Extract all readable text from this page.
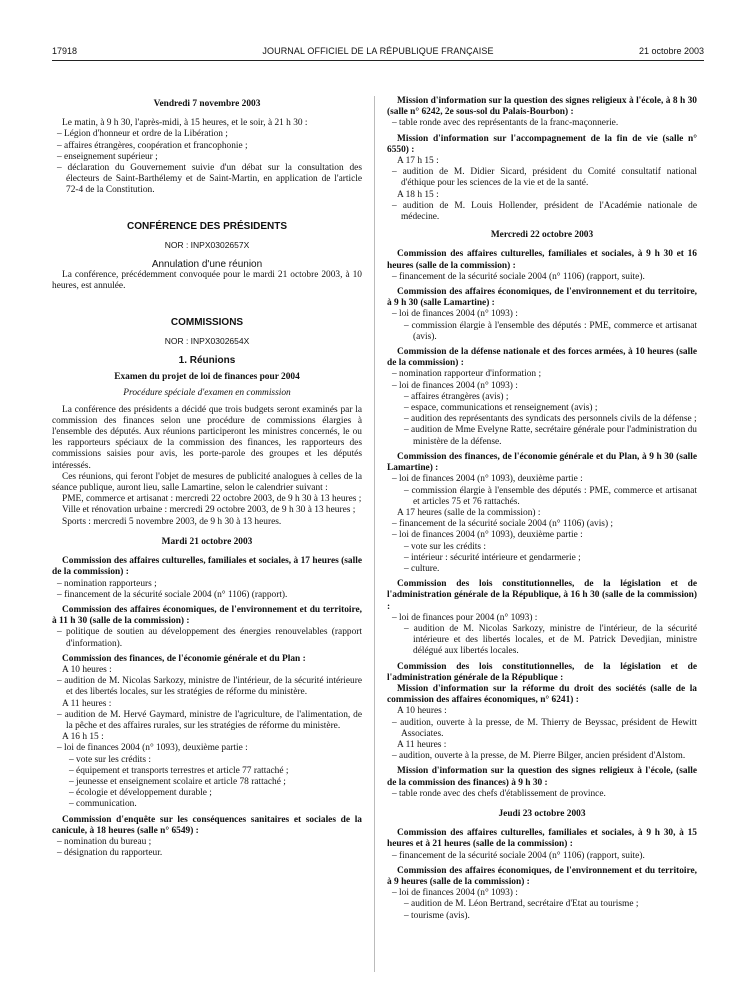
17918	JOURNAL OFFICIEL DE LA RÉPUBLIQUE FRANÇAISE	21 octobre 2003

Vendredi 7 novembre 2003

Le matin, à 9 h 30, l'après-midi, à 15 heures, et le soir, à 21 h 30 :

– Légion d'honneur et ordre de la Libération ;
– affaires étrangères, coopération et francophonie ;
– enseignement supérieur ;
– déclaration du Gouvernement suivie d'un débat sur la consultation des électeurs de Saint-Barthélemy et de Saint-Martin, en application de l'article 72-4 de la Constitution.

CONFÉRENCE DES PRÉSIDENTS

NOR : INPX0302657X

Annulation d'une réunion

La conférence, précédemment convoquée pour le mardi 21 octobre 2003, à 10 heures, est annulée.

COMMISSIONS

NOR : INPX0302654X

1. Réunions

Examen du projet de loi de finances pour 2004

Procédure spéciale d'examen en commission

La conférence des présidents a décidé que trois budgets seront examinés par la commission des finances selon une procédure de commissions élargies à l'ensemble des députés. Aux réunions participeront les ministres concernés, le ou les rapporteurs spéciaux de la commission des finances, les rapporteurs des commissions saisies pour avis, les porte-parole des groupes et les députés intéressés.

Ces réunions, qui feront l'objet de mesures de publicité analogues à celles de la séance publique, auront lieu, salle Lamartine, selon le calendrier suivant :

PME, commerce et artisanat : mercredi 22 octobre 2003, de 9 h 30 à 13 heures ;

Ville et rénovation urbaine : mercredi 29 octobre 2003, de 9 h 30 à 13 heures ;

Sports : mercredi 5 novembre 2003, de 9 h 30 à 13 heures.

Mardi 21 octobre 2003

Commission des affaires culturelles, familiales et sociales, à 17 heures (salle de la commission) :

– nomination rapporteurs ;
– financement de la sécurité sociale 2004 (n° 1106) (rapport).

Commission des affaires économiques, de l'environnement et du territoire, à 11 h 30 (salle de la commission) :

– politique de soutien au développement des énergies renouvelables (rapport d'information).

Commission des finances, de l'économie générale et du Plan :

A 10 heures :

– audition de M. Nicolas Sarkozy, ministre de l'intérieur, de la sécurité intérieure et des libertés locales, sur les stratégies de réforme du ministère.

A 11 heures :

– audition de M. Hervé Gaymard, ministre de l'agriculture, de l'alimentation, de la pêche et des affaires rurales, sur les stratégies de réforme du ministère.

A 16 h 15 :

– loi de finances 2004 (n° 1093), deuxième partie :
– vote sur les crédits :
– équipement et transports terrestres et article 77 rattaché ;
– jeunesse et enseignement scolaire et article 78 rattaché ;
– écologie et développement durable ;
– communication.

Commission d'enquête sur les conséquences sanitaires et sociales de la canicule, à 18 heures (salle n° 6549) :

– nomination du bureau ;
– désignation du rapporteur.

Mission d'information sur la question des signes religieux à l'école, à 8 h 30 (salle n° 6242, 2e sous-sol du Palais-Bourbon) :

– table ronde avec des représentants de la franc-maçonnerie.

Mission d'information sur l'accompagnement de la fin de vie (salle n° 6550) :

A 17 h 15 :

– audition de M. Didier Sicard, président du Comité consultatif national d'éthique pour les sciences de la vie et de la santé.

A 18 h 15 :

– audition de M. Louis Hollender, président de l'Académie nationale de médecine.

Mercredi 22 octobre 2003

Commission des affaires culturelles, familiales et sociales, à 9 h 30 et 16 heures (salle de la commission) :

– financement de la sécurité sociale 2004 (n° 1106) (rapport, suite).

Commission des affaires économiques, de l'environnement et du territoire, à 9 h 30 (salle Lamartine) :

– loi de finances 2004 (n° 1093) :
– commission élargie à l'ensemble des députés : PME, commerce et artisanat (avis).

Commission de la défense nationale et des forces armées, à 10 heures (salle de la commission) :

– nomination rapporteur d'information ;
– loi de finances 2004 (n° 1093) :
– affaires étrangères (avis) ;
– espace, communications et renseignement (avis) ;
– audition des représentants des syndicats des personnels civils de la défense ;
– audition de Mme Evelyne Ratte, secrétaire générale pour l'administration du ministère de la défense.

Commission des finances, de l'économie générale et du Plan, à 9 h 30 (salle Lamartine) :

– loi de finances 2004 (n° 1093), deuxième partie :
– commission élargie à l'ensemble des députés : PME, commerce et artisanat et articles 75 et 76 rattachés.

A 17 heures (salle de la commission) :

– financement de la sécurité sociale 2004 (n° 1106) (avis) ;
– loi de finances 2004 (n° 1093), deuxième partie :
– vote sur les crédits :
– intérieur : sécurité intérieure et gendarmerie ;
– culture.

Commission des lois constitutionnelles, de la législation et de l'administration générale de la République, à 16 h 30 (salle de la commission) :

– loi de finances pour 2004 (n° 1093) :
– audition de M. Nicolas Sarkozy, ministre de l'intérieur, de la sécurité intérieure et des libertés locales, et de M. Patrick Devedjian, ministre délégué aux libertés locales.

Commission des lois constitutionnelles, de la législation et de l'administration générale de la République :

Mission d'information sur la réforme du droit des sociétés (salle de la commission des affaires économiques, n° 6241) :

A 10 heures :

– audition, ouverte à la presse, de M. Thierry de Beyssac, président de Hewitt Associates.

A 11 heures :

– audition, ouverte à la presse, de M. Pierre Bilger, ancien président d'Alstom.

Mission d'information sur la question des signes religieux à l'école, (salle de la commission des finances) à 9 h 30 :

– table ronde avec des chefs d'établissement de province.

Jeudi 23 octobre 2003

Commission des affaires culturelles, familiales et sociales, à 9 h 30, à 15 heures et à 21 heures (salle de la commission) :

– financement de la sécurité sociale 2004 (n° 1106) (rapport, suite).

Commission des affaires économiques, de l'environnement et du territoire, à 9 heures (salle de la commission) :

– loi de finances 2004 (n° 1093) :
– audition de M. Léon Bertrand, secrétaire d'Etat au tourisme ;
– tourisme (avis).
